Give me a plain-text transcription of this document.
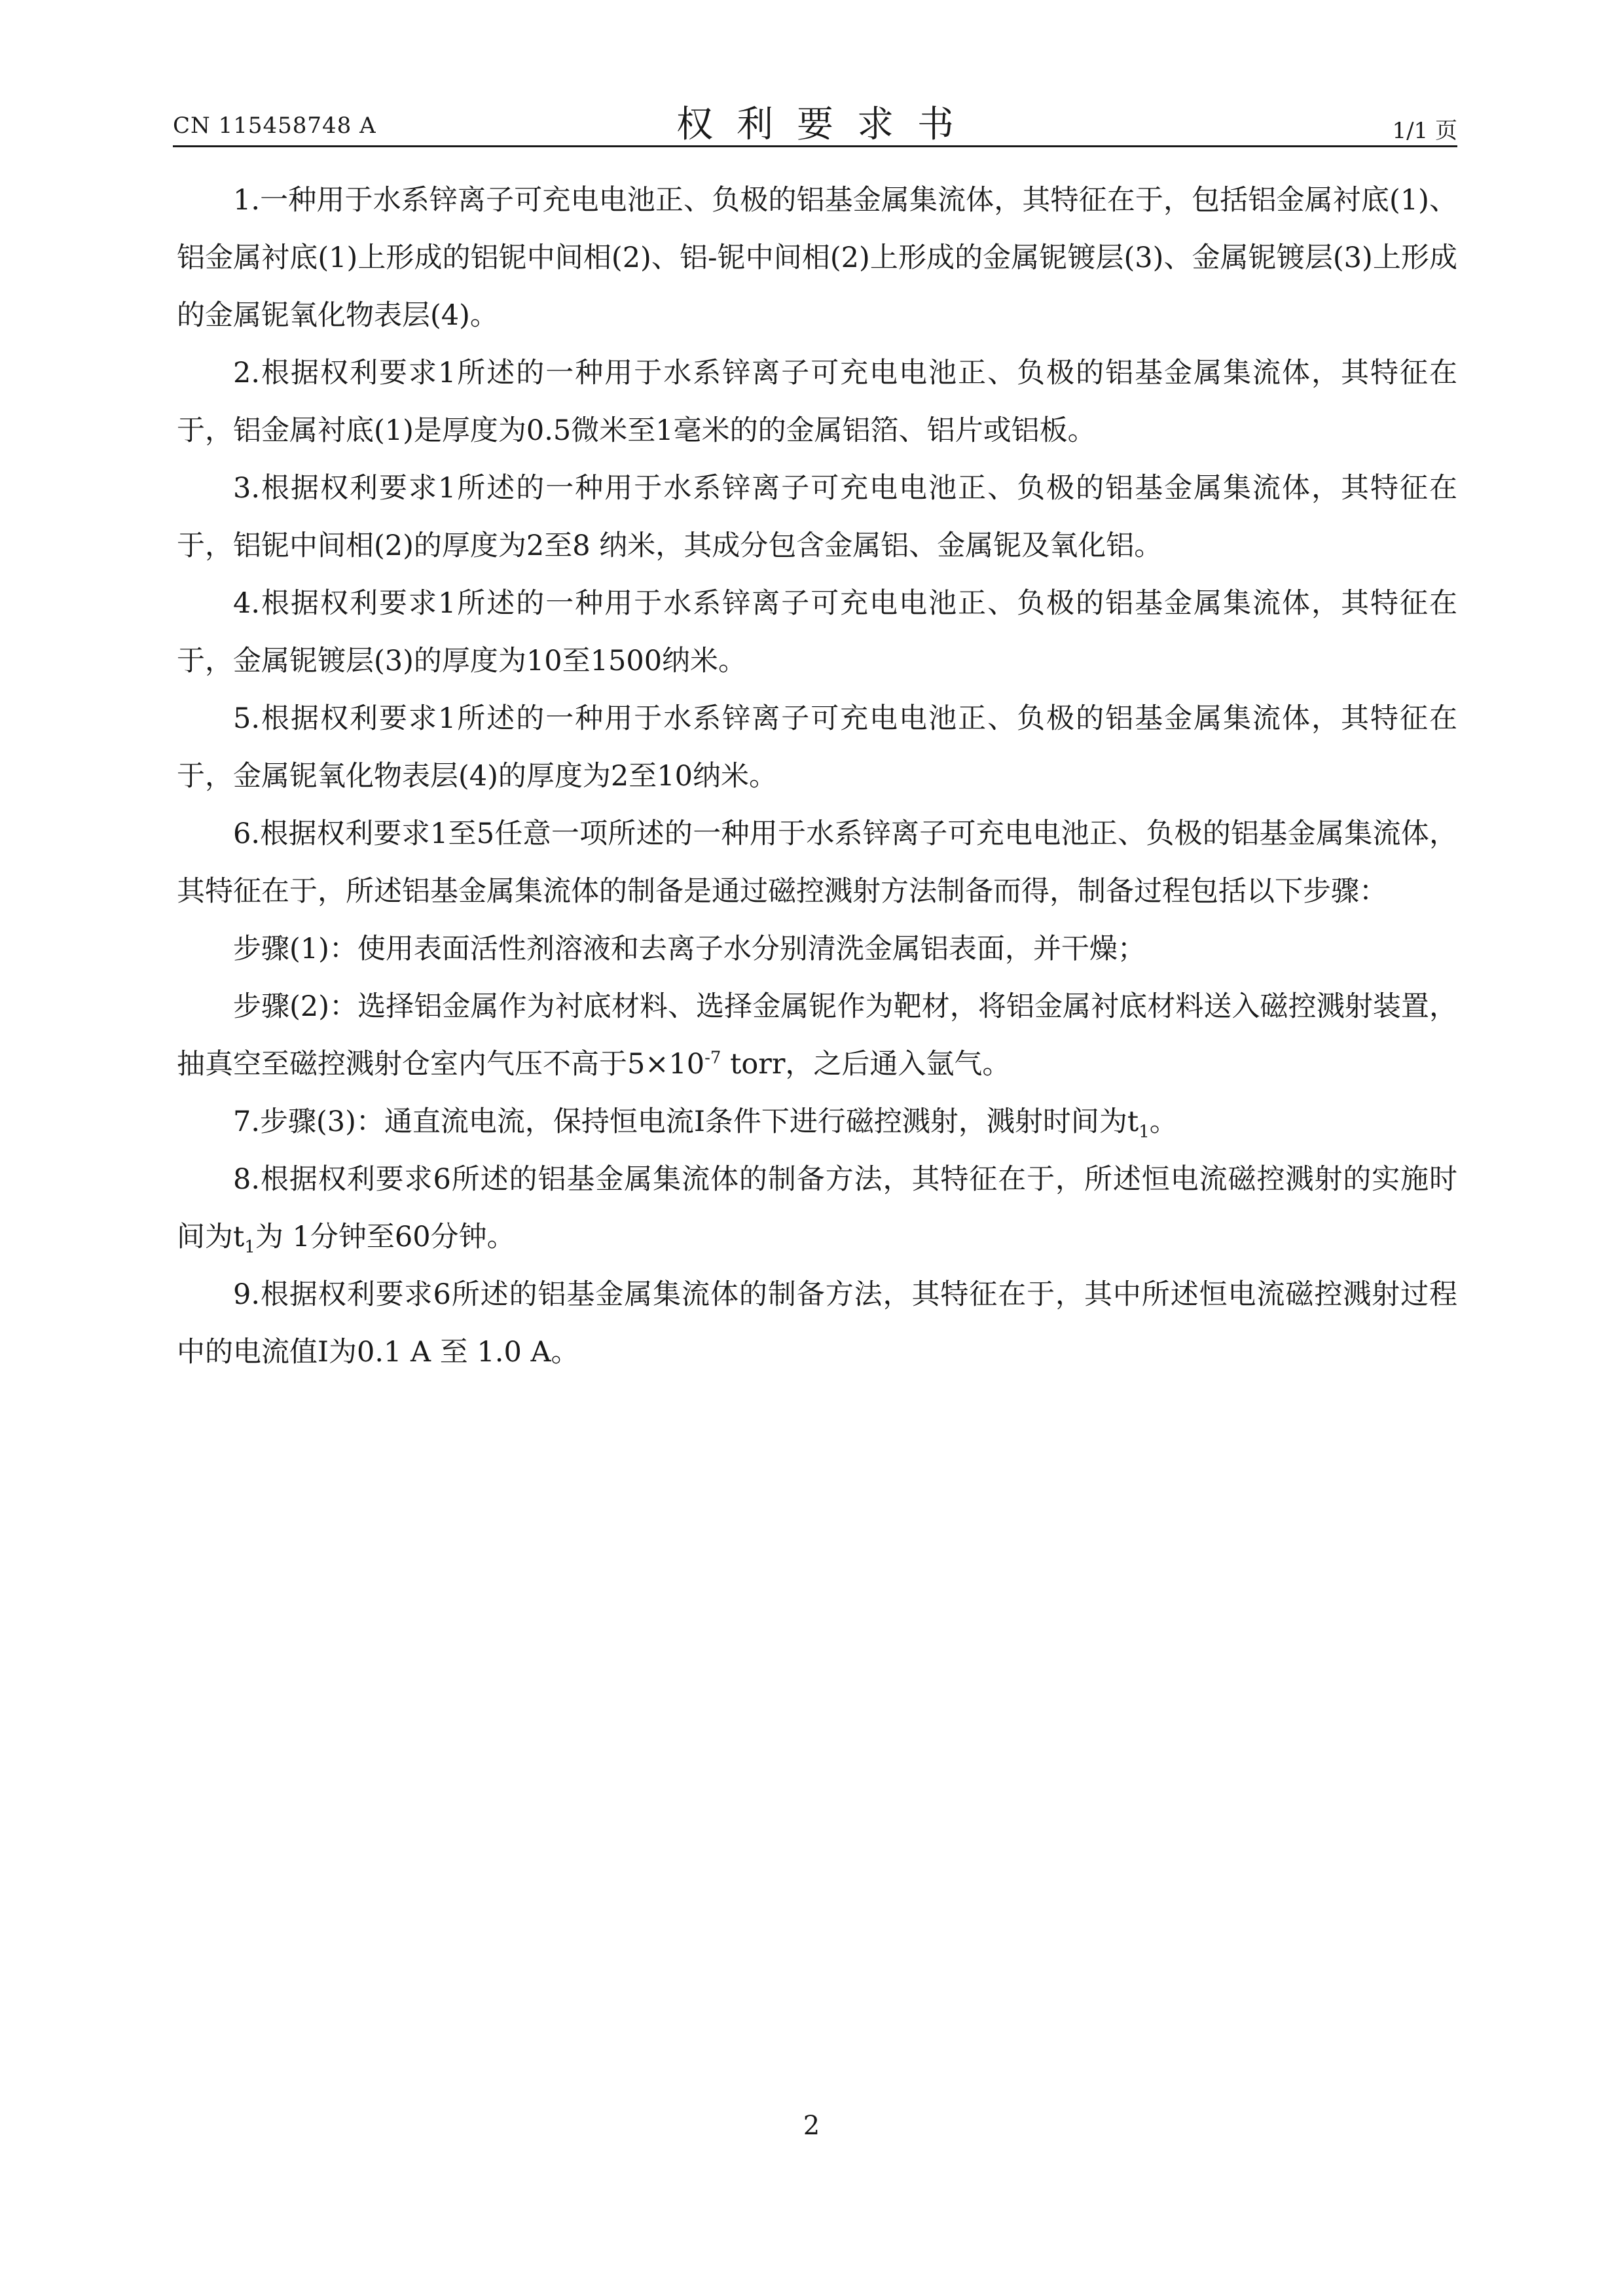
CN 115458748 A	权利要求书	1/1 页

1.一种用于水系锌离子可充电电池正、负极的铝基金属集流体，其特征在于，包括铝金属衬底(1)、铝金属衬底(1)上形成的铝铌中间相(2)、铝-铌中间相(2)上形成的金属铌镀层(3)、金属铌镀层(3)上形成的金属铌氧化物表层(4)。

2.根据权利要求1所述的一种用于水系锌离子可充电电池正、负极的铝基金属集流体，其特征在于，铝金属衬底(1)是厚度为0.5微米至1毫米的的金属铝箔、铝片或铝板。

3.根据权利要求1所述的一种用于水系锌离子可充电电池正、负极的铝基金属集流体，其特征在于，铝铌中间相(2)的厚度为2至8 纳米，其成分包含金属铝、金属铌及氧化铝。

4.根据权利要求1所述的一种用于水系锌离子可充电电池正、负极的铝基金属集流体，其特征在于，金属铌镀层(3)的厚度为10至1500纳米。

5.根据权利要求1所述的一种用于水系锌离子可充电电池正、负极的铝基金属集流体，其特征在于，金属铌氧化物表层(4)的厚度为2至10纳米。

6.根据权利要求1至5任意一项所述的一种用于水系锌离子可充电电池正、负极的铝基金属集流体，其特征在于，所述铝基金属集流体的制备是通过磁控溅射方法制备而得，制备过程包括以下步骤：

步骤(1)：使用表面活性剂溶液和去离子水分别清洗金属铝表面，并干燥；

步骤(2)：选择铝金属作为衬底材料、选择金属铌作为靶材，将铝金属衬底材料送入磁控溅射装置，抽真空至磁控溅射仓室内气压不高于$5\times 10^{-7}$ torr，之后通入氩气。

7.步骤(3)：通直流电流，保持恒电流I条件下进行磁控溅射，溅射时间为$t_1$。

8.根据权利要求6所述的铝基金属集流体的制备方法，其特征在于，所述恒电流磁控溅射的实施时间为$t_1$为 1分钟至60分钟。

9.根据权利要求6所述的铝基金属集流体的制备方法，其特征在于，其中所述恒电流磁控溅射过程中的电流值I为0.1 A 至 1.0 A。

2
